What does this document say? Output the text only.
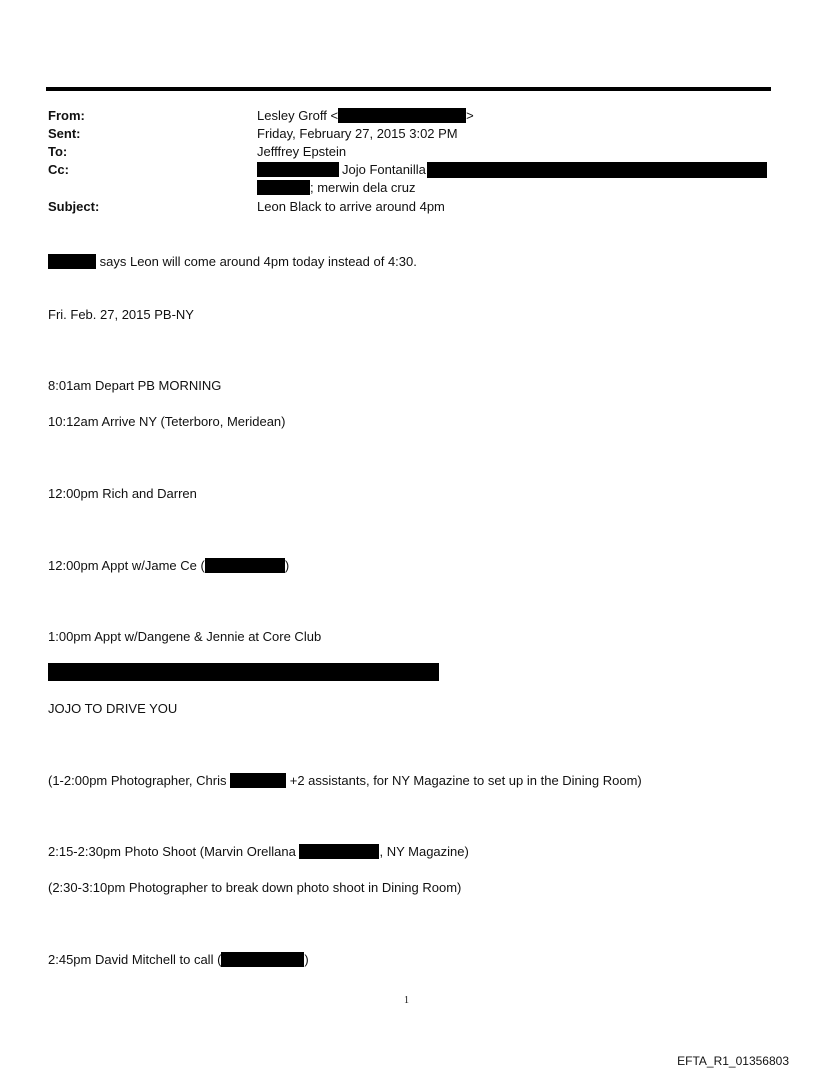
From:	Lesley Groff <	>
Sent:	Friday, February 27, 2015 3:02 PM
To:	Jefffrey Epstein
Cc:	Jojo Fontanilla
; merwin dela cruz
Subject:	Leon Black to arrive around 4pm
says Leon will come around 4pm today instead of 4:30.
Fri. Feb. 27, 2015 PB-NY
8:01am Depart PB MORNING
10:12am Arrive NY (Teterboro, Meridean)
12:00pm Rich and Darren
12:00pm Appt w/Jame Ce (	)
1:00pm Appt w/Dangene & Jennie at Core Club
JOJO TO DRIVE YOU
(1-2:00pm Photographer, Chris	+2 assistants, for NY Magazine to set up in the Dining Room)
2:15-2:30pm Photo Shoot (Marvin Orellana	, NY Magazine)
(2:30-3:10pm Photographer to break down photo shoot in Dining Room)
2:45pm David Mitchell to call (	)
1
EFTA_R1_01356803
